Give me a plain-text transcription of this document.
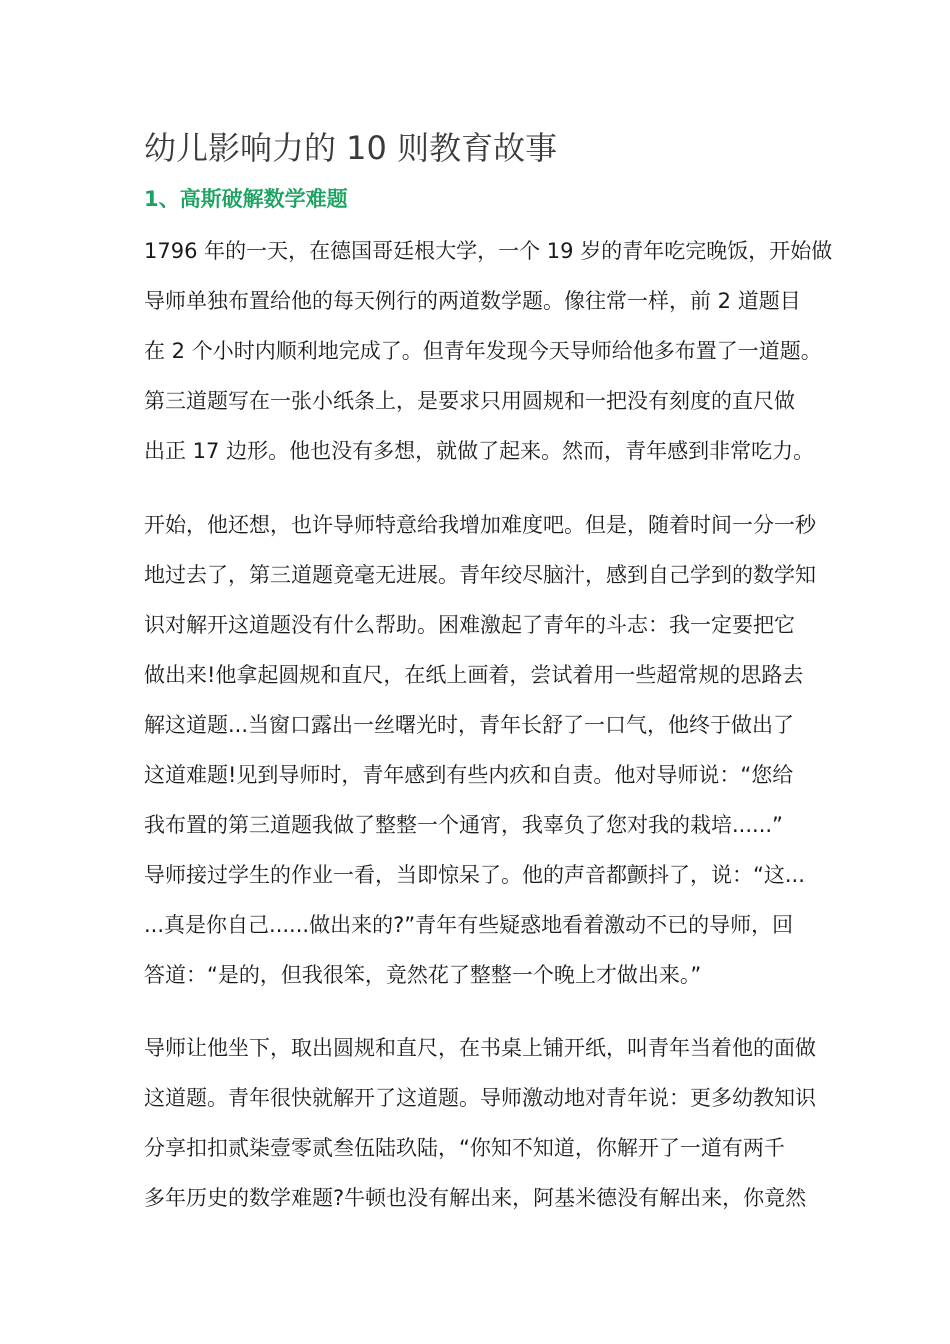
幼儿影响力的 10 则教育故事
1、高斯破解数学难题
1796 年的一天，在德国哥廷根大学，一个 19 岁的青年吃完晚饭，开始做
导师单独布置给他的每天例行的两道数学题。像往常一样，前 2 道题目
在 2 个小时内顺利地完成了。但青年发现今天导师给他多布置了一道题。
第三道题写在一张小纸条上，是要求只用圆规和一把没有刻度的直尺做
出正 17 边形。他也没有多想，就做了起来。然而，青年感到非常吃力。
开始，他还想，也许导师特意给我增加难度吧。但是，随着时间一分一秒
地过去了，第三道题竟毫无进展。青年绞尽脑汁，感到自己学到的数学知
识对解开这道题没有什么帮助。困难激起了青年的斗志：我一定要把它
做出来!他拿起圆规和直尺，在纸上画着，尝试着用一些超常规的思路去
解这道题...当窗口露出一丝曙光时，青年长舒了一口气，他终于做出了
这道难题!见到导师时，青年感到有些内疚和自责。他对导师说：“您给
我布置的第三道题我做了整整一个通宵，我辜负了您对我的栽培......”
导师接过学生的作业一看，当即惊呆了。他的声音都颤抖了，说：“这...
...真是你自己......做出来的?”青年有些疑惑地看着激动不已的导师，回
答道：“是的，但我很笨，竟然花了整整一个晚上才做出来。”
导师让他坐下，取出圆规和直尺，在书桌上铺开纸，叫青年当着他的面做
这道题。青年很快就解开了这道题。导师激动地对青年说：更多幼教知识
分享扣扣贰柒壹零贰叁伍陆玖陆，“你知不知道，你解开了一道有两千
多年历史的数学难题?牛顿也没有解出来，阿基米德没有解出来，你竟然
